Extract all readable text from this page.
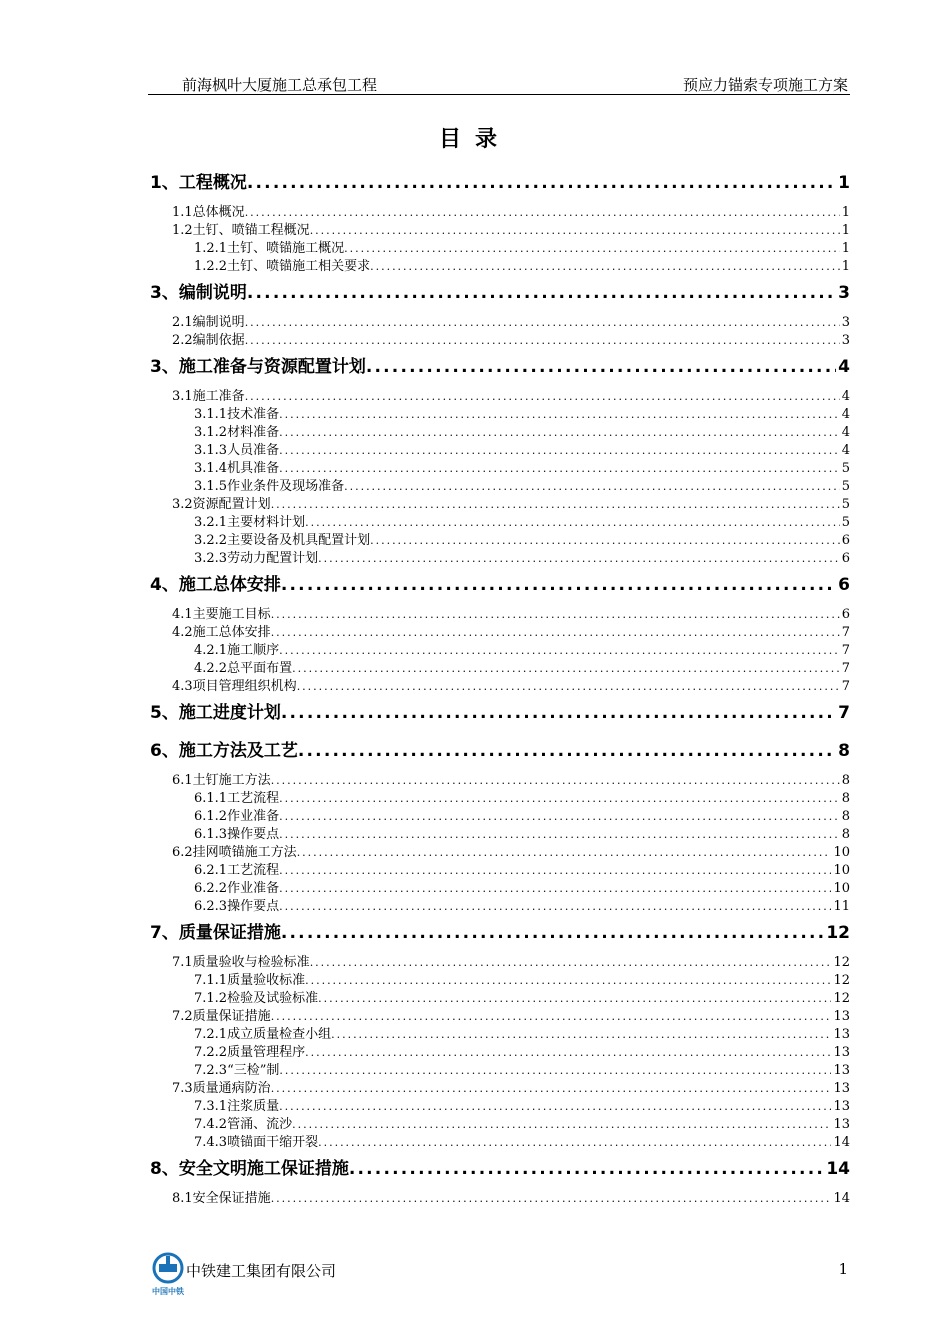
前海枫叶大厦施工总承包工程	预应力锚索专项施工方案
目录
1、工程概况 .....	1
1.1总体概况 .....	1
1.2土钉、喷锚工程概况 .....	1
1.2.1土钉、喷锚施工概况 .....	1
1.2.2土钉、喷锚施工相关要求 .....	1
3、编制说明 .....	3
2.1编制说明 .....	3
2.2编制依据 .....	3
3、施工准备与资源配置计划 .....	4
3.1施工准备 .....	4
3.1.1技术准备 .....	4
3.1.2材料准备 .....	4
3.1.3人员准备 .....	4
3.1.4机具准备 .....	5
3.1.5作业条件及现场准备 .....	5
3.2资源配置计划 .....	5
3.2.1主要材料计划 .....	5
3.2.2主要设备及机具配置计划 .....	6
3.2.3劳动力配置计划 .....	6
4、施工总体安排 .....	6
4.1主要施工目标 .....	6
4.2施工总体安排 .....	7
4.2.1施工顺序 .....	7
4.2.2总平面布置 .....	7
4.3项目管理组织机构 .....	7
5、施工进度计划 .....	7
6、施工方法及工艺 .....	8
6.1土钉施工方法 .....	8
6.1.1工艺流程 .....	8
6.1.2作业准备 .....	8
6.1.3操作要点 .....	8
6.2挂网喷锚施工方法 .....	10
6.2.1工艺流程 .....	10
6.2.2作业准备 .....	10
6.2.3操作要点 .....	11
7、质量保证措施 .....	12
7.1质量验收与检验标准 .....	12
7.1.1质量验收标准 .....	12
7.1.2检验及试验标准 .....	12
7.2质量保证措施 .....	13
7.2.1成立质量检查小组 .....	13
7.2.2质量管理程序 .....	13
7.2.3“三检”制 .....	13
7.3质量通病防治 .....	13
7.3.1注浆质量 .....	13
7.4.2管涌、流沙 .....	13
7.4.3喷锚面干缩开裂 .....	14
8、安全文明施工保证措施 .....	14
8.1安全保证措施 .....	14
中国中铁
中铁建工集团有限公司	1
